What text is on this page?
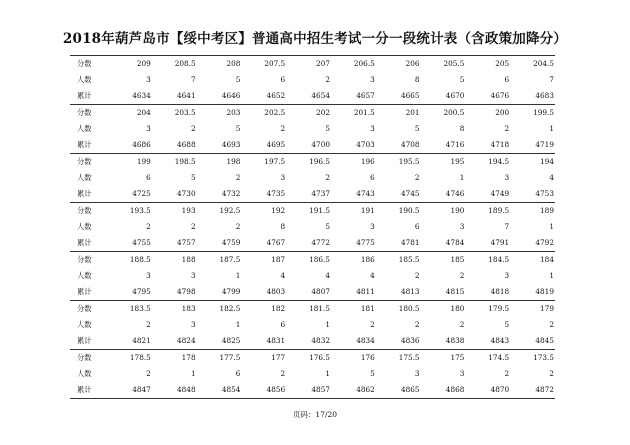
2018年葫芦岛市【绥中考区】普通高中招生考试一分一段统计表（含政策加降分）
分数	209	208.5	208	207.5	207	206.5	206	205.5	205	204.5
人数	3	7	5	6	2	3	8	5	6	7
累计	4634	4641	4646	4652	4654	4657	4665	4670	4676	4683
分数	204	203.5	203	202.5	202	201.5	201	200.5	200	199.5
人数	3	2	5	2	5	3	5	8	2	1
累计	4686	4688	4693	4695	4700	4703	4708	4716	4718	4719
分数	199	198.5	198	197.5	196.5	196	195.5	195	194.5	194
人数	6	5	2	3	2	6	2	1	3	4
累计	4725	4730	4732	4735	4737	4743	4745	4746	4749	4753
分数	193.5	193	192.5	192	191.5	191	190.5	190	189.5	189
人数	2	2	2	8	5	3	6	3	7	1
累计	4755	4757	4759	4767	4772	4775	4781	4784	4791	4792
分数	188.5	188	187.5	187	186.5	186	185.5	185	184.5	184
人数	3	3	1	4	4	4	2	2	3	1
累计	4795	4798	4799	4803	4807	4811	4813	4815	4818	4819
分数	183.5	183	182.5	182	181.5	181	180.5	180	179.5	179
人数	2	3	1	6	1	2	2	2	5	2
累计	4821	4824	4825	4831	4832	4834	4836	4838	4843	4845
分数	178.5	178	177.5	177	176.5	176	175.5	175	174.5	173.5
人数	2	1	6	2	1	5	3	3	2	2
累计	4847	4848	4854	4856	4857	4862	4865	4868	4870	4872
页码：17/20
